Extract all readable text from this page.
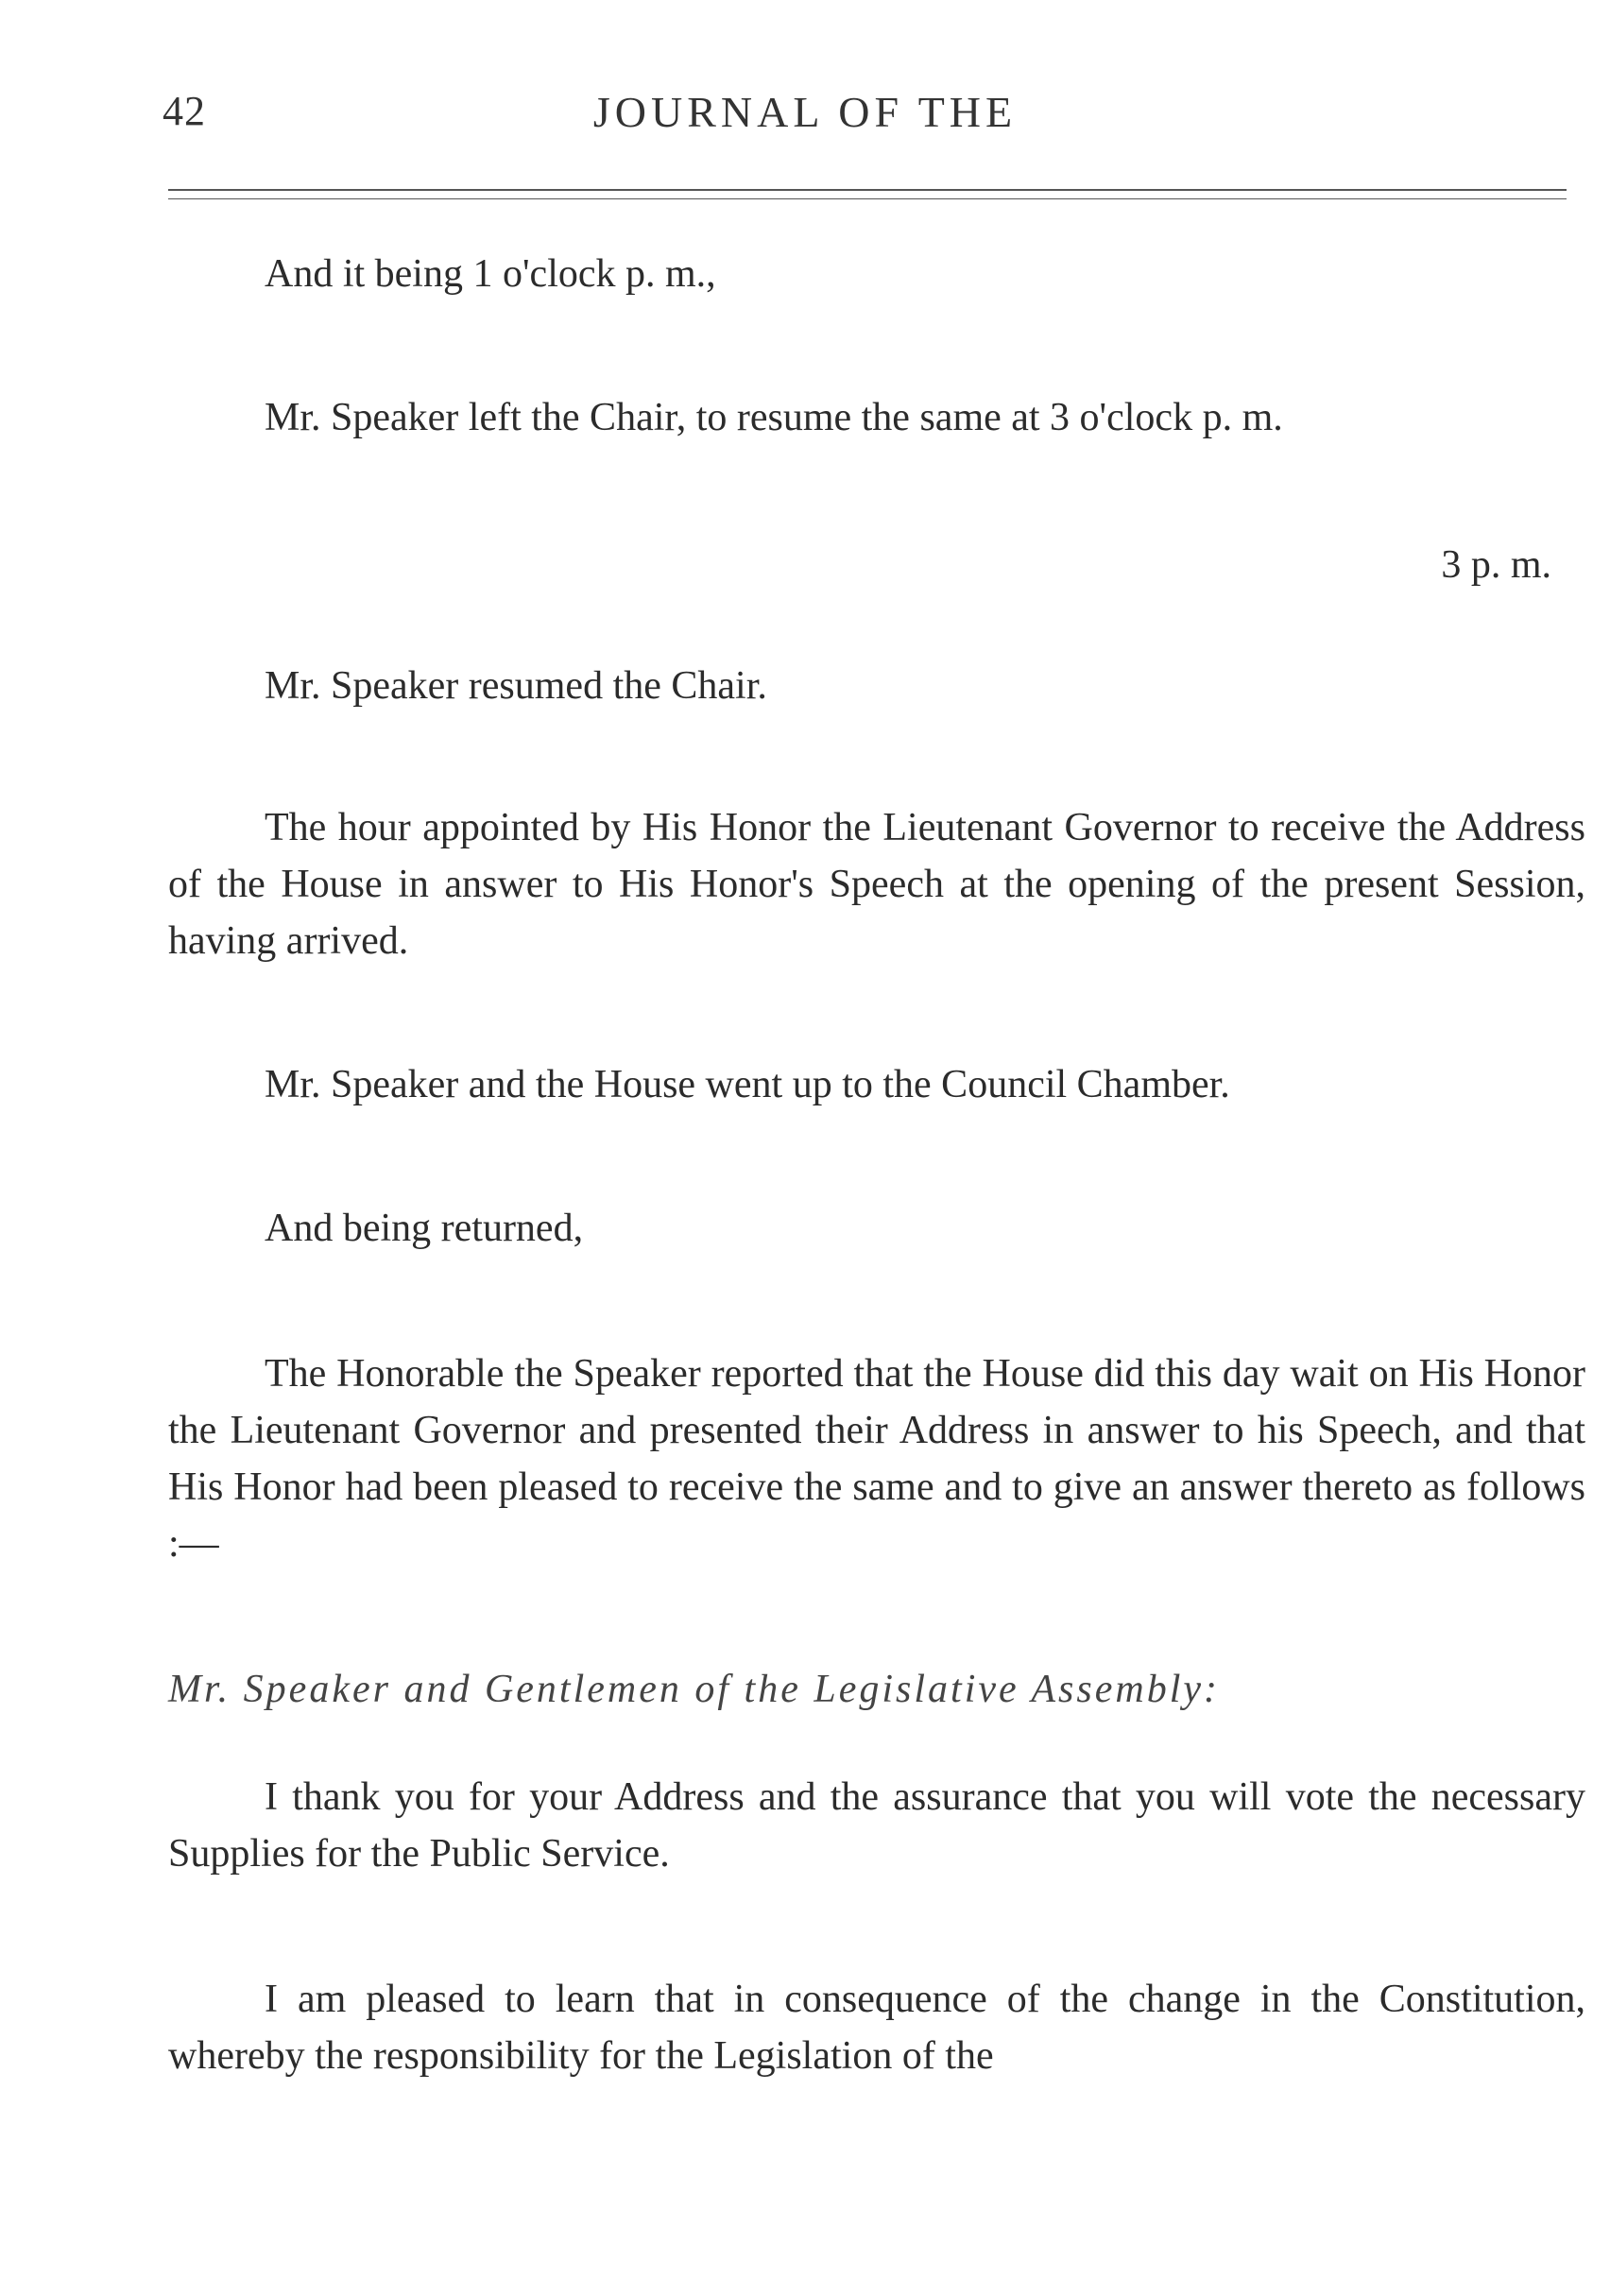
42	JOURNAL OF THE
And it being 1 o'clock p. m.,
Mr. Speaker left the Chair, to resume the same at 3 o'clock p. m.
3 p. m.
Mr. Speaker resumed the Chair.
The hour appointed by His Honor the Lieutenant Governor to receive the Address of the House in answer to His Honor's Speech at the opening of the present Session, having arrived.
Mr. Speaker and the House went up to the Council Chamber.
And being returned,
The Honorable the Speaker reported that the House did this day wait on His Honor the Lieutenant Governor and presented their Address in answer to his Speech, and that His Honor had been pleased to receive the same and to give an answer thereto as follows :—
Mr. Speaker and Gentlemen of the Legislative Assembly:
I thank you for your Address and the assurance that you will vote the necessary Supplies for the Public Service.
I am pleased to learn that in consequence of the change in the Constitution, whereby the responsibility for the Legislation of the
